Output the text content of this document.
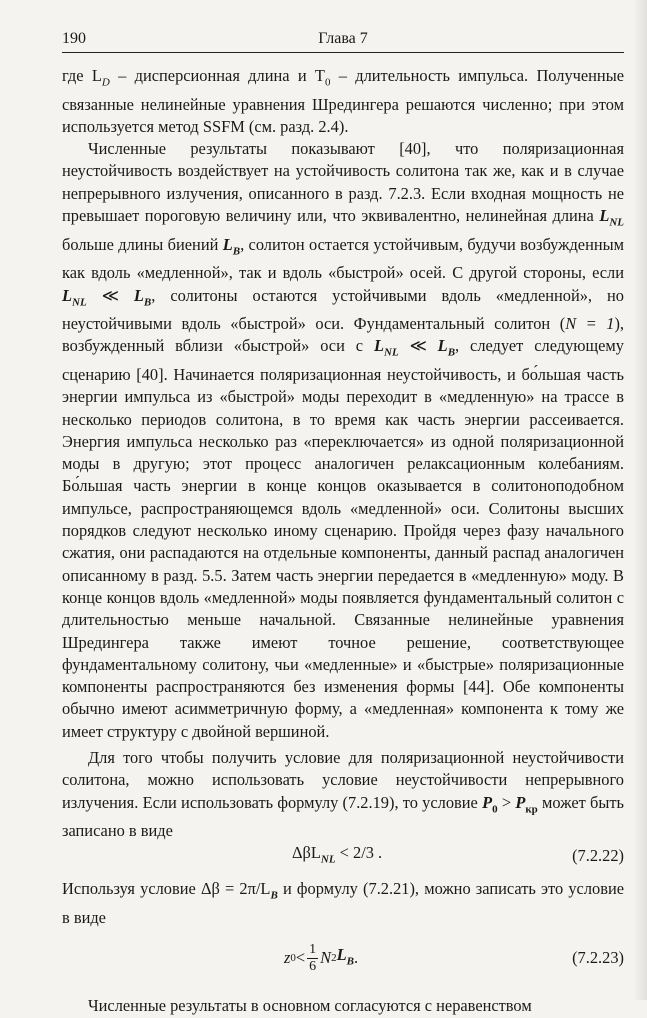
190	Глава 7

где $L_D$ – дисперсионная длина и $T_0$ – длительность импульса. Полученные связанные нелинейные уравнения Шредингера решаются численно; при этом используется метод SSFM (см. разд. 2.4).

Численные результаты показывают [40], что поляризационная неустойчивость воздействует на устойчивость солитона так же, как и в случае непрерывного излучения, описанного в разд. 7.2.3. Если входная мощность не превышает пороговую величину или, что эквивалентно, нелинейная длина $L_{NL}$ больше длины биений $L_B$, солитон остается устойчивым, будучи возбужденным как вдоль «медленной», так и вдоль «быстрой» осей. С другой стороны, если $L_{NL}$ ≪ $L_B$, солитоны остаются устойчивыми вдоль «медленной», но неустойчивыми вдоль «быстрой» оси. Фундаментальный солитон (N = 1), возбужденный вблизи «быстрой» оси с $L_{NL}$ ≪ $L_B$, следует следующему сценарию [40]. Начинается поляризационная неустойчивость, и бо́льшая часть энергии импульса из «быстрой» моды переходит в «медленную» на трассе в несколько периодов солитона, в то время как часть энергии рассеивается. Энергия импульса несколько раз «переключается» из одной поляризационной моды в другую; этот процесс аналогичен релаксационным колебаниям. Бо́льшая часть энергии в конце концов оказывается в солитоноподобном импульсе, распространяющемся вдоль «медленной» оси. Солитоны высших порядков следуют несколько иному сценарию. Пройдя через фазу начального сжатия, они распадаются на отдельные компоненты, данный распад аналогичен описанному в разд. 5.5. Затем часть энергии передается в «медленную» моду. В конце концов вдоль «медленной» моды появляется фундаментальный солитон с длительностью меньше начальной. Связанные нелинейные уравнения Шредингера также имеют точное решение, соответствующее фундаментальному солитону, чьи «медленные» и «быстрые» поляризационные компоненты распространяются без изменения формы [44]. Обе компоненты обычно имеют асимметричную форму, а «медленная» компонента к тому же имеет структуру с двойной вершиной.

Для того чтобы получить условие для поляризационной неустойчивости солитона, можно использовать условие неустойчивости непрерывного излучения. Если использовать формулу (7.2.19), то условие $P_0 > P_{кр}$ может быть записано в виде

ΔβL$_{NL}$ < 2/3 .	(7.2.22)

Используя условие $\Delta\beta = 2\pi/L_B$ и формулу (7.2.21), можно записать это условие в виде

z $0 < \frac{1}{6}$ N 2 $L_B$ .	(7.2.23)

Численные результаты в основном согласуются с неравенством
